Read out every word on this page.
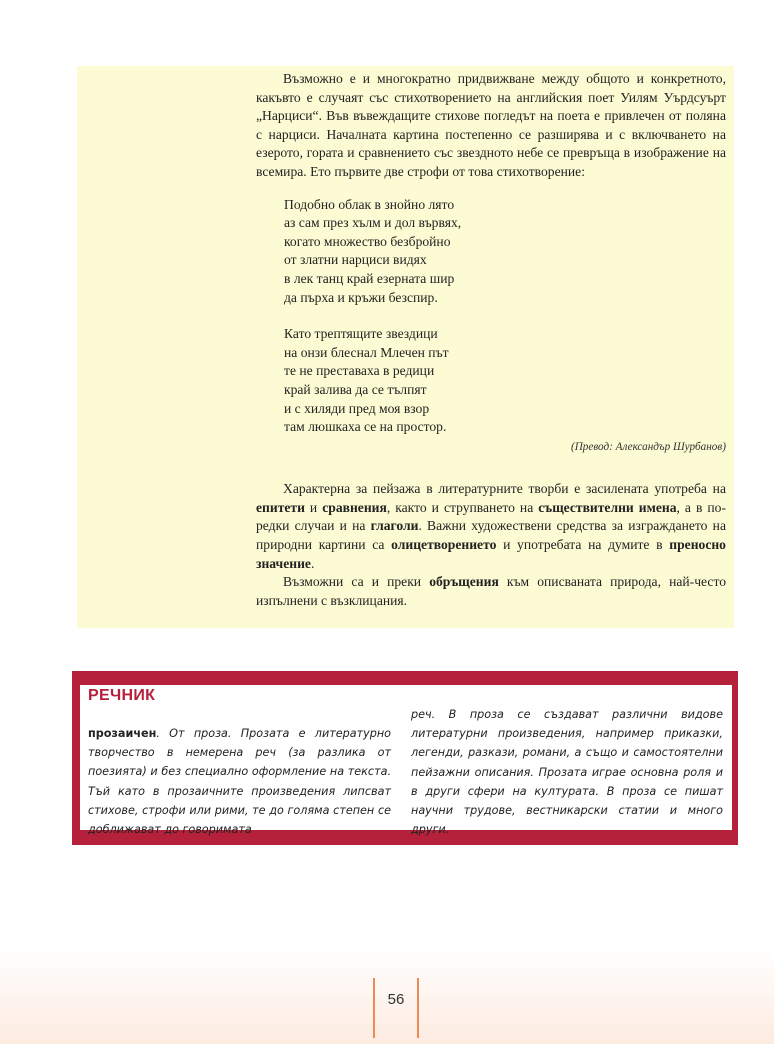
Възможно е и многократно придвижване между общото и конкретното, какъвто е случаят със стихотворението на английския поет Уилям Уърдсуърт „Нарциси“. Във въвеждащите стихове погледът на поета е привлечен от поляна с нарциси. Началната картина постепенно се разширява и с включването на езерото, гората и сравнението със звездното небе се превръща в изображение на всемира. Ето първите две строфи от това стихотворение:

Подобно облак в знойно лято
аз сам през хълм и дол вървях,
когато множество безбройно
от златни нарциси видях
в лек танц край езерната шир
да пърха и кръжи безспир.
Като трептящите звездици
на онзи блеснал Млечен път
те не преставаха в редици
край залива да се тълпят
и с хиляди пред моя взор
там люшкаха се на простор.
(Превод: Александър Шурбанов)

Характерна за пейзажа в литературните творби е засилената употреба на епитети и сравнения, както и струпването на съществителни имена, а в по-редки случаи и на глаголи. Важни художествени средства за изграждането на природни картини са олицетворението и употребата на думите в преносно значение.

Възможни са и преки обръщения към описваната природа, най-често изпълнени с възклицания.

РЕЧНИК
прозаичен. От проза. Прозата е литературно творчество в немерена реч (за разлика от поезията) и без специално оформление на текста. Тъй като в прозаичните произведения липсват стихове, строфи или рими, те до голяма степен се доближават до говоримата
реч. В проза се създават различни видове литературни произведения, например приказки, легенди, разкази, романи, а също и самостоятелни пейзажни описания. Прозата играе основна роля и в други сфери на културата. В проза се пишат научни трудове, вестникарски статии и много други.
56
